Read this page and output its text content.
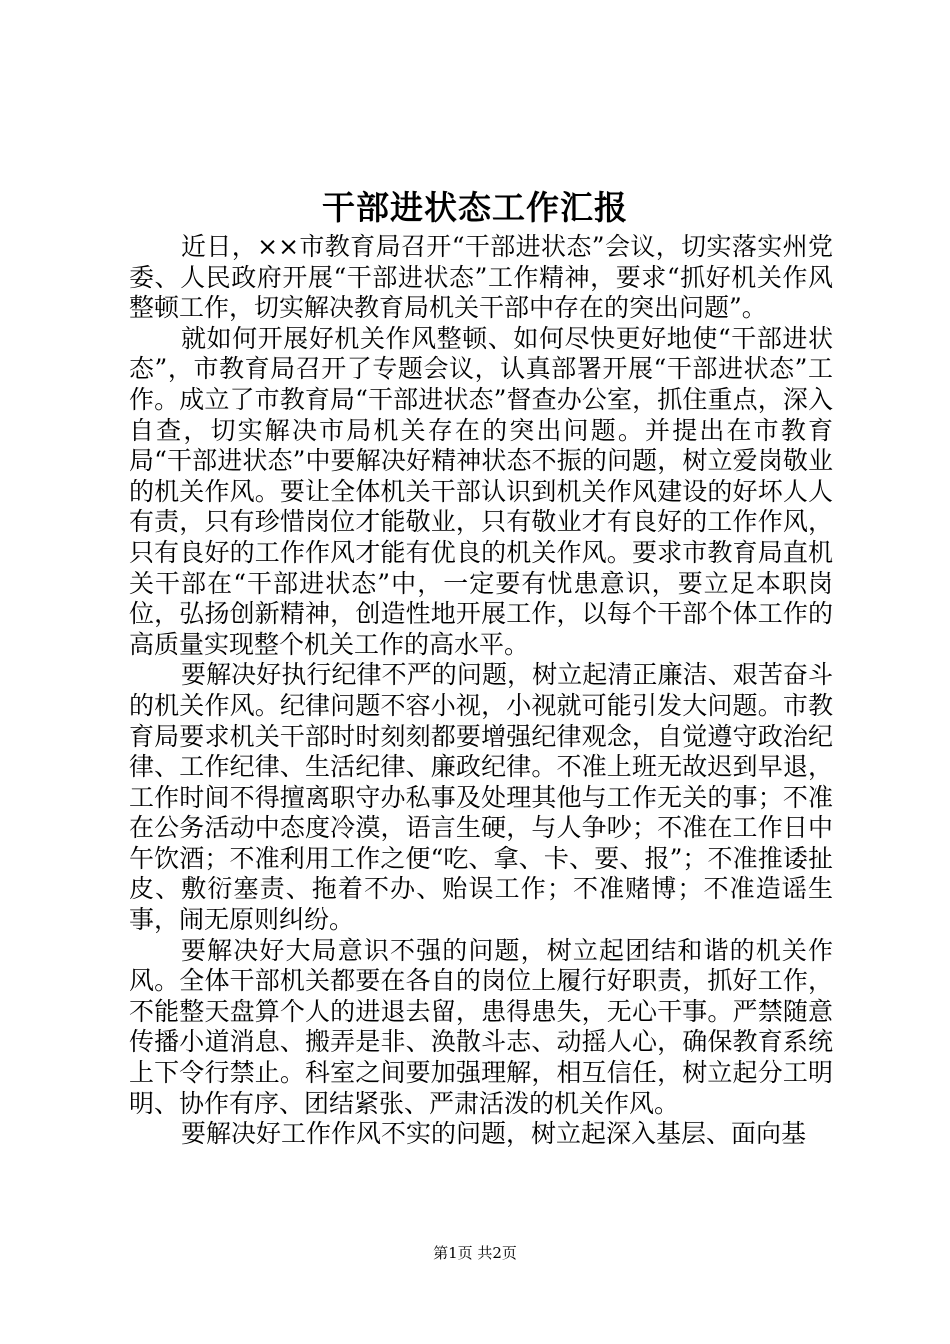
干部进状态工作汇报

近日，××市教育局召开“干部进状态”会议，切实落实州党委、人民政府开展“干部进状态”工作精神，要求“抓好机关作风整顿工作，切实解决教育局机关干部中存在的突出问题”。

就如何开展好机关作风整顿、如何尽快更好地使“干部进状态”，市教育局召开了专题会议，认真部署开展“干部进状态”工作。成立了市教育局“干部进状态”督查办公室，抓住重点，深入自查，切实解决市局机关存在的突出问题。并提出在市教育局“干部进状态”中要解决好精神状态不振的问题，树立爱岗敬业的机关作风。要让全体机关干部认识到机关作风建设的好坏人人有责，只有珍惜岗位才能敬业，只有敬业才有良好的工作作风，只有良好的工作作风才能有优良的机关作风。要求市教育局直机关干部在“干部进状态”中，一定要有忧患意识，要立足本职岗位，弘扬创新精神，创造性地开展工作，以每个干部个体工作的高质量实现整个机关工作的高水平。

要解决好执行纪律不严的问题，树立起清正廉洁、艰苦奋斗的机关作风。纪律问题不容小视，小视就可能引发大问题。市教育局要求机关干部时时刻刻都要增强纪律观念，自觉遵守政治纪律、工作纪律、生活纪律、廉政纪律。不准上班无故迟到早退，工作时间不得擅离职守办私事及处理其他与工作无关的事；不准在公务活动中态度冷漠，语言生硬，与人争吵；不准在工作日中午饮酒；不准利用工作之便“吃、拿、卡、要、报”；不准推诿扯皮、敷衍塞责、拖着不办、贻误工作；不准赌博；不准造谣生事，闹无原则纠纷。

要解决好大局意识不强的问题，树立起团结和谐的机关作风。全体干部机关都要在各自的岗位上履行好职责，抓好工作，不能整天盘算个人的进退去留，患得患失，无心干事。严禁随意传播小道消息、搬弄是非、涣散斗志、动摇人心，确保教育系统上下令行禁止。科室之间要加强理解，相互信任，树立起分工明明、协作有序、团结紧张、严肃活泼的机关作风。

要解决好工作作风不实的问题，树立起深入基层、面向基

第1页 共2页
